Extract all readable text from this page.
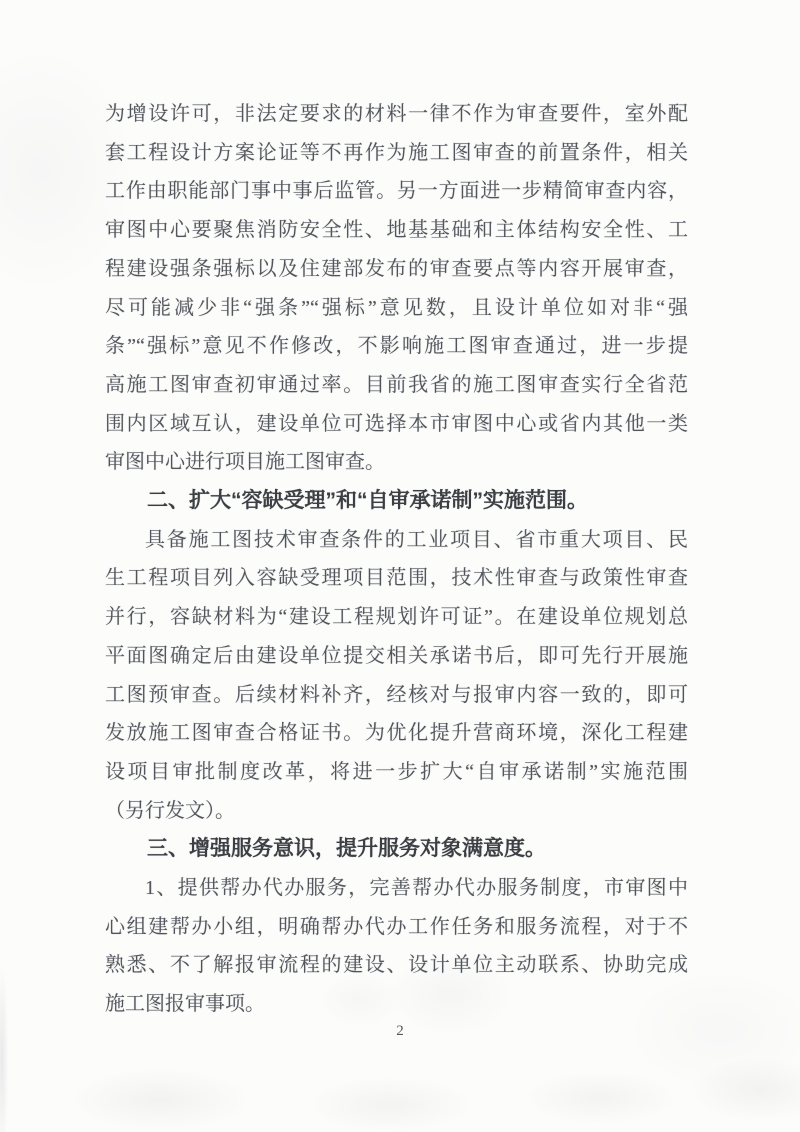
为增设许可，非法定要求的材料一律不作为审查要件，室外配
套工程设计方案论证等不再作为施工图审查的前置条件，相关
工作由职能部门事中事后监管。另一方面进一步精简审查内容，
审图中心要聚焦消防安全性、地基基础和主体结构安全性、工
程建设强条强标以及住建部发布的审查要点等内容开展审查，
尽可能减少非“强条”“强标”意见数，且设计单位如对非“强
条”“强标”意见不作修改，不影响施工图审查通过，进一步提
高施工图审查初审通过率。目前我省的施工图审查实行全省范
围内区域互认，建设单位可选择本市审图中心或省内其他一类
审图中心进行项目施工图审查。
二、扩大“容缺受理”和“自审承诺制”实施范围。
具备施工图技术审查条件的工业项目、省市重大项目、民
生工程项目列入容缺受理项目范围，技术性审查与政策性审查
并行，容缺材料为“建设工程规划许可证”。在建设单位规划总
平面图确定后由建设单位提交相关承诺书后，即可先行开展施
工图预审查。后续材料补齐，经核对与报审内容一致的，即可
发放施工图审查合格证书。为优化提升营商环境，深化工程建
设项目审批制度改革，将进一步扩大“自审承诺制”实施范围
（另行发文）。
三、增强服务意识，提升服务对象满意度。
1、提供帮办代办服务，完善帮办代办服务制度，市审图中
心组建帮办小组，明确帮办代办工作任务和服务流程，对于不
熟悉、不了解报审流程的建设、设计单位主动联系、协助完成
施工图报审事项。
2
